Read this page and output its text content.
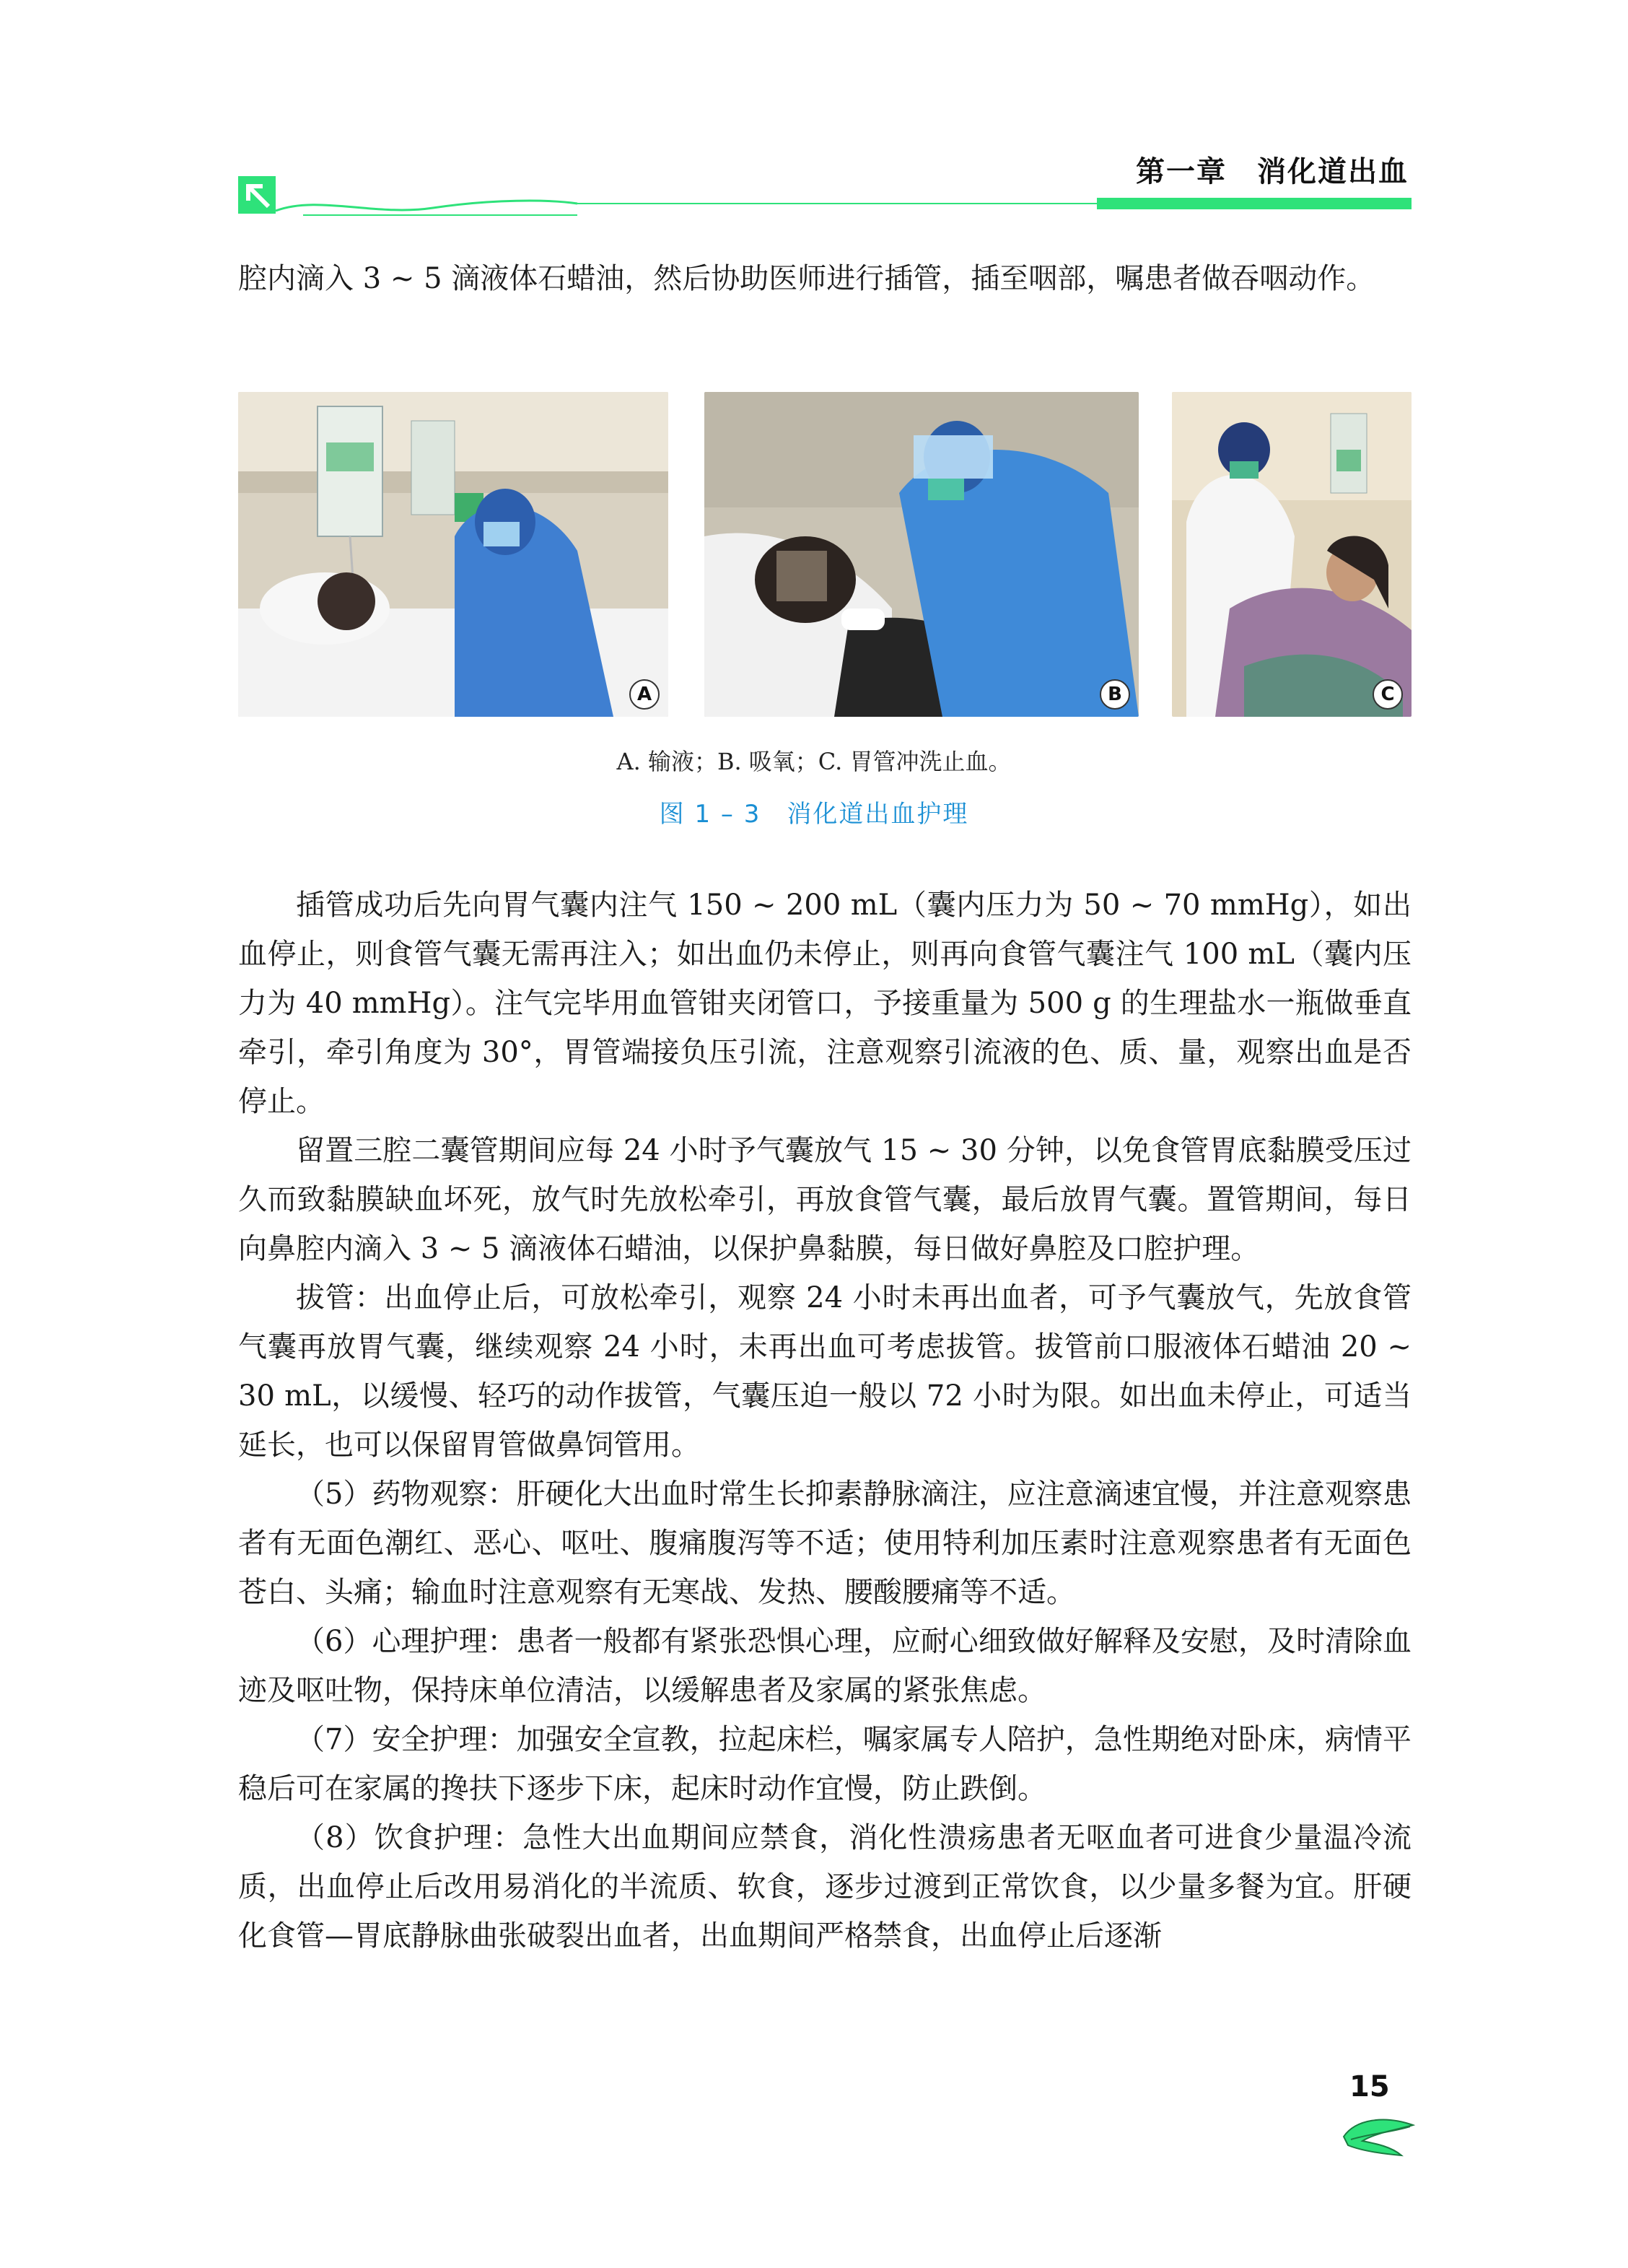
第一章　消化道出血

腔内滴入 3 ~ 5 滴液体石蜡油，然后协助医师进行插管，插至咽部，嘱患者做吞咽动作。

A	B	C
A. 输液；B. 吸氧；C. 胃管冲洗止血。
图 1 – 3　消化道出血护理

插管成功后先向胃气囊内注气 150 ~ 200 mL（囊内压力为 50 ~ 70 mmHg），如出血停止，则食管气囊无需再注入；如出血仍未停止，则再向食管气囊注气 100 mL（囊内压力为 40 mmHg）。注气完毕用血管钳夹闭管口，予接重量为 500 g 的生理盐水一瓶做垂直牵引，牵引角度为 30°，胃管端接负压引流，注意观察引流液的色、质、量，观察出血是否停止。

留置三腔二囊管期间应每 24 小时予气囊放气 15 ~ 30 分钟，以免食管胃底黏膜受压过久而致黏膜缺血坏死，放气时先放松牵引，再放食管气囊，最后放胃气囊。置管期间，每日向鼻腔内滴入 3 ~ 5 滴液体石蜡油，以保护鼻黏膜，每日做好鼻腔及口腔护理。

拔管：出血停止后，可放松牵引，观察 24 小时未再出血者，可予气囊放气，先放食管气囊再放胃气囊，继续观察 24 小时，未再出血可考虑拔管。拔管前口服液体石蜡油 20 ~ 30 mL，以缓慢、轻巧的动作拔管，气囊压迫一般以 72 小时为限。如出血未停止，可适当延长，也可以保留胃管做鼻饲管用。

（5）药物观察：肝硬化大出血时常生长抑素静脉滴注，应注意滴速宜慢，并注意观察患者有无面色潮红、恶心、呕吐、腹痛腹泻等不适；使用特利加压素时注意观察患者有无面色苍白、头痛；输血时注意观察有无寒战、发热、腰酸腰痛等不适。

（6）心理护理：患者一般都有紧张恐惧心理，应耐心细致做好解释及安慰，及时清除血迹及呕吐物，保持床单位清洁，以缓解患者及家属的紧张焦虑。

（7）安全护理：加强安全宣教，拉起床栏，嘱家属专人陪护，急性期绝对卧床，病情平稳后可在家属的搀扶下逐步下床，起床时动作宜慢，防止跌倒。

（8）饮食护理：急性大出血期间应禁食，消化性溃疡患者无呕血者可进食少量温冷流质，出血停止后改用易消化的半流质、软食，逐步过渡到正常饮食，以少量多餐为宜。肝硬化食管—胃底静脉曲张破裂出血者，出血期间严格禁食，出血停止后逐渐

15
